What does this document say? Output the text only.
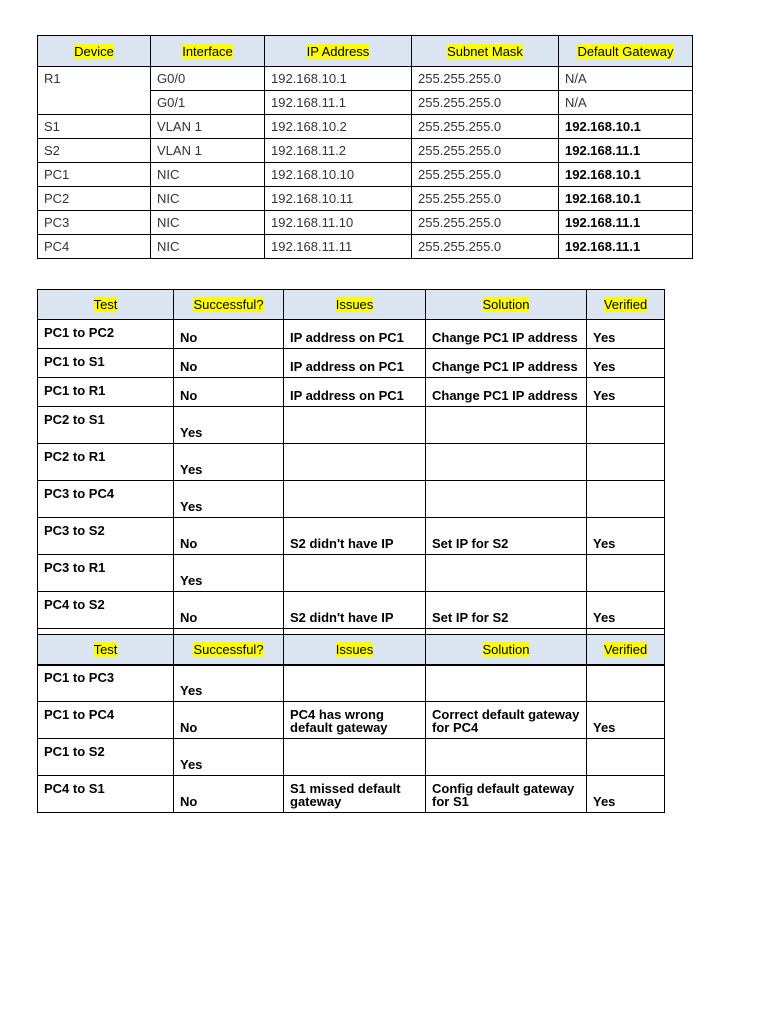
Device	Interface	IP Address	Subnet Mask	Default Gateway
R1	G0/0	192.168.10.1	255.255.255.0	N/A
	G0/1	192.168.11.1	255.255.255.0	N/A
S1	VLAN 1	192.168.10.2	255.255.255.0	192.168.10.1
S2	VLAN 1	192.168.11.2	255.255.255.0	192.168.11.1
PC1	NIC	192.168.10.10	255.255.255.0	192.168.10.1
PC2	NIC	192.168.10.11	255.255.255.0	192.168.10.1
PC3	NIC	192.168.11.10	255.255.255.0	192.168.11.1
PC4	NIC	192.168.11.11	255.255.255.0	192.168.11.1
Test	Successful?	Issues	Solution	Verified
PC1 to PC2	No	IP address on PC1	Change PC1 IP address	Yes
PC1 to S1	No	IP address on PC1	Change PC1 IP address	Yes
PC1 to R1	No	IP address on PC1	Change PC1 IP address	Yes
PC2 to S1	Yes			
PC2 to R1	Yes			
PC3 to PC4	Yes			
PC3 to S2	No	S2 didn't have IP	Set IP for S2	Yes
PC3 to R1	Yes			
PC4 to S2	No	S2 didn't have IP	Set IP for S2	Yes

Test	Successful?	Issues	Solution	Verified
PC1 to PC3	Yes			
PC1 to PC4	No	PC4 has wrong default gateway	Correct default gateway for PC4	Yes
PC1 to S2	Yes			
PC4 to S1	No	S1 missed default gateway	Config default gateway for S1	Yes
